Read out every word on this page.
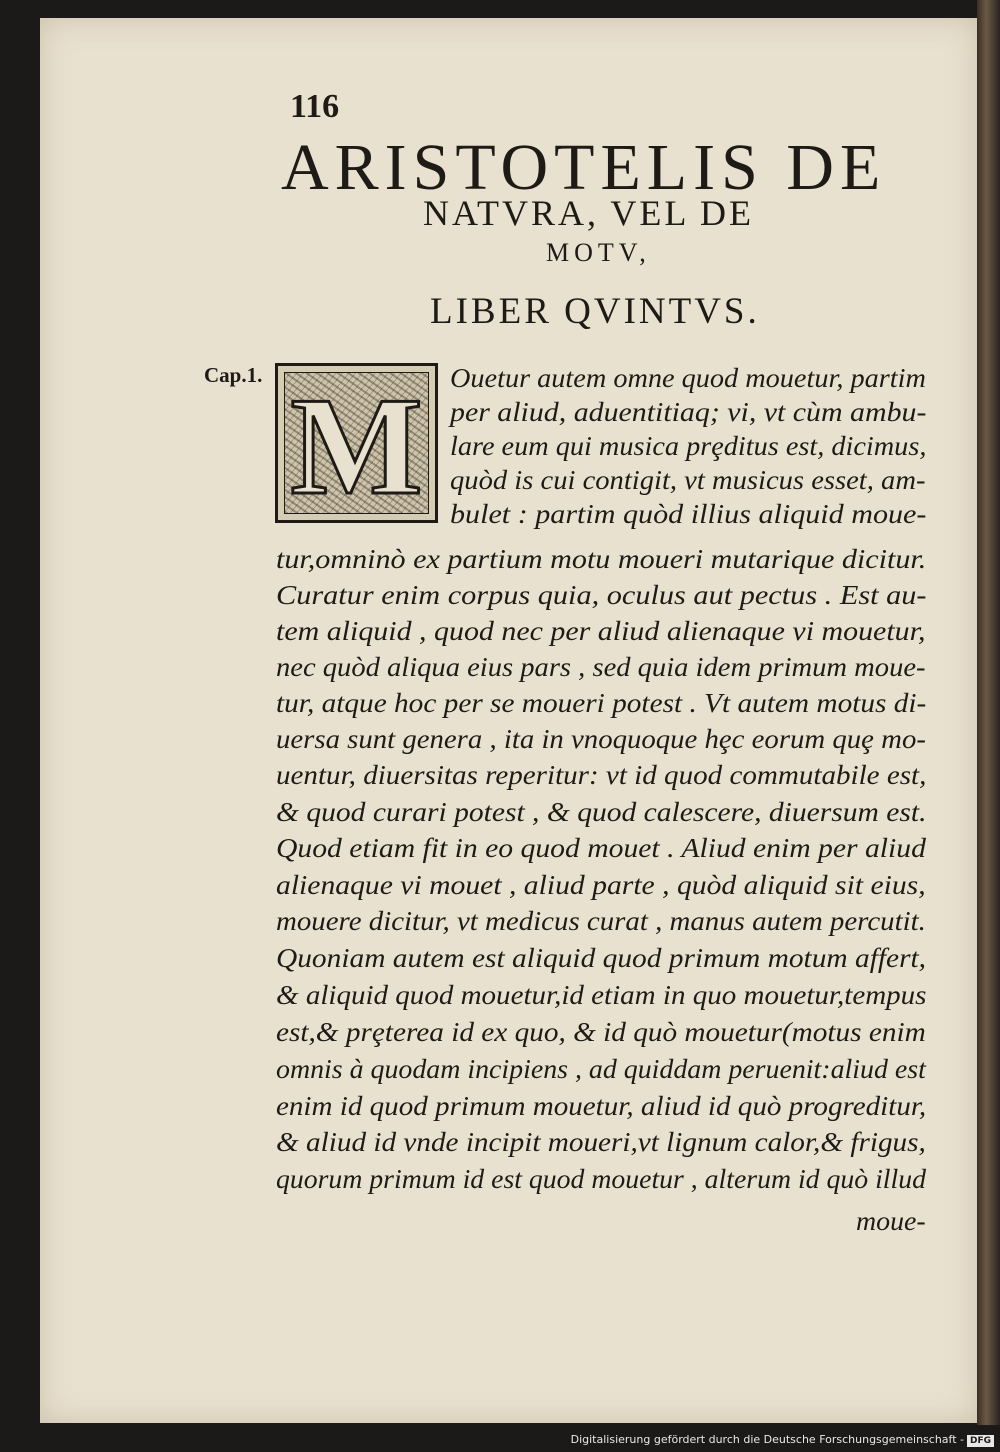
116
ARISTOTELIS DE
NATVRA, VEL DE
MOTV,
LIBER QVINTVS.
Cap.1. M Ouetur autem omne quod mouetur, partim
per aliud, aduentitiaq; vi, vt cùm ambu-
lare eum qui musica prȩditus est, dicimus,
quòd is cui contigit, vt musicus esset, am-
bulet : partim quòd illius aliquid moue-
tur,omninò ex partium motu moueri mutarique dicitur.
Curatur enim corpus quia, oculus aut pectus . Est au-
tem aliquid , quod nec per aliud alienaque vi mouetur,
nec quòd aliqua eius pars , sed quia idem primum moue-
tur, atque hoc per se moueri potest . Vt autem motus di-
uersa sunt genera , ita in vnoquoque hȩc eorum quȩ mo-
uentur, diuersitas reperitur: vt id quod commutabile est,
& quod curari potest , & quod calescere, diuersum est.
Quod etiam fit in eo quod mouet . Aliud enim per aliud
alienaque vi mouet , aliud parte , quòd aliquid sit eius,
mouere dicitur, vt medicus curat , manus autem percutit.
Quoniam autem est aliquid quod primum motum affert,
& aliquid quod mouetur,id etiam in quo mouetur,tempus
est,& prȩterea id ex quo, & id quò mouetur(motus enim
omnis à quodam incipiens , ad quiddam peruenit:aliud est
enim id quod primum mouetur, aliud id quò progreditur,
& aliud id vnde incipit moueri,vt lignum calor,& frigus,
quorum primum id est quod mouetur , alterum id quò illud
moue-
Digitalisierung gefördert durch die Deutsche Forschungsgemeinschaft - DFG
